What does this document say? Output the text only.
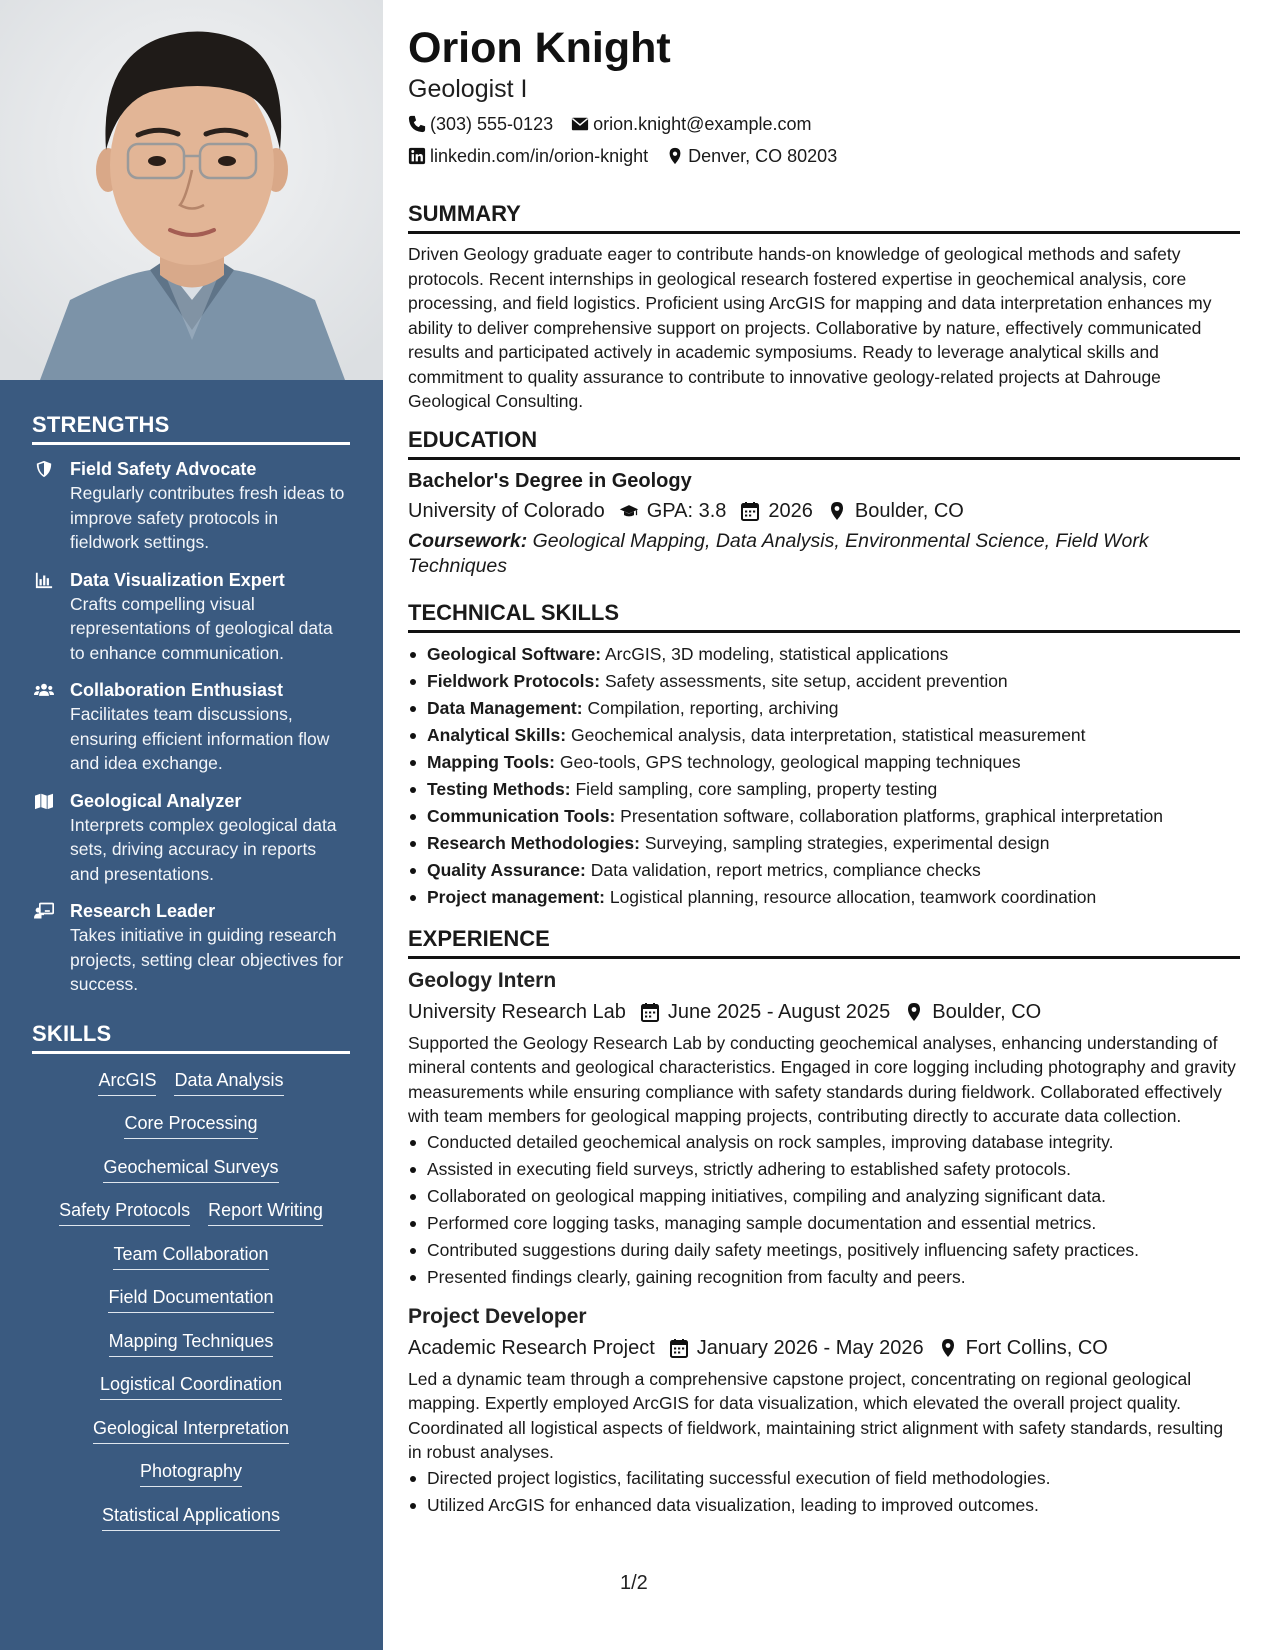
STRENGTHS
Field Safety Advocate
Regularly contributes fresh ideas to improve safety protocols in fieldwork settings.
Data Visualization Expert
Crafts compelling visual representations of geological data to enhance communication.
Collaboration Enthusiast
Facilitates team discussions, ensuring efficient information flow and idea exchange.
Geological Analyzer
Interprets complex geological data sets, driving accuracy in reports and presentations.
Research Leader
Takes initiative in guiding research projects, setting clear objectives for success.
SKILLS
ArcGIS Data Analysis
Core Processing
Geochemical Surveys
Safety Protocols Report Writing
Team Collaboration
Field Documentation
Mapping Techniques
Logistical Coordination
Geological Interpretation
Photography
Statistical Applications
Orion Knight
Geologist I
(303) 555-0123 orion.knight@example.com
linkedin.com/in/orion-knight Denver, CO 80203
SUMMARY
Driven Geology graduate eager to contribute hands-on knowledge of geological methods and safety protocols. Recent internships in geological research fostered expertise in geochemical analysis, core processing, and field logistics. Proficient using ArcGIS for mapping and data interpretation enhances my ability to deliver comprehensive support on projects. Collaborative by nature, effectively communicated results and participated actively in academic symposiums. Ready to leverage analytical skills and commitment to quality assurance to contribute to innovative geology-related projects at Dahrouge Geological Consulting.
EDUCATION
Bachelor's Degree in Geology
University of Colorado GPA: 3.8 2026 Boulder, CO
Coursework: Geological Mapping, Data Analysis, Environmental Science, Field Work Techniques
TECHNICAL SKILLS
Geological Software: ArcGIS, 3D modeling, statistical applications
Fieldwork Protocols: Safety assessments, site setup, accident prevention
Data Management: Compilation, reporting, archiving
Analytical Skills: Geochemical analysis, data interpretation, statistical measurement
Mapping Tools: Geo-tools, GPS technology, geological mapping techniques
Testing Methods: Field sampling, core sampling, property testing
Communication Tools: Presentation software, collaboration platforms, graphical interpretation
Research Methodologies: Surveying, sampling strategies, experimental design
Quality Assurance: Data validation, report metrics, compliance checks
Project management: Logistical planning, resource allocation, teamwork coordination
EXPERIENCE
Geology Intern
University Research Lab June 2025 - August 2025 Boulder, CO
Supported the Geology Research Lab by conducting geochemical analyses, enhancing understanding of mineral contents and geological characteristics. Engaged in core logging including photography and gravity measurements while ensuring compliance with safety standards during fieldwork. Collaborated effectively with team members for geological mapping projects, contributing directly to accurate data collection.
Conducted detailed geochemical analysis on rock samples, improving database integrity.
Assisted in executing field surveys, strictly adhering to established safety protocols.
Collaborated on geological mapping initiatives, compiling and analyzing significant data.
Performed core logging tasks, managing sample documentation and essential metrics.
Contributed suggestions during daily safety meetings, positively influencing safety practices.
Presented findings clearly, gaining recognition from faculty and peers.
Project Developer
Academic Research Project January 2026 - May 2026 Fort Collins, CO
Led a dynamic team through a comprehensive capstone project, concentrating on regional geological mapping. Expertly employed ArcGIS for data visualization, which elevated the overall project quality. Coordinated all logistical aspects of fieldwork, maintaining strict alignment with safety standards, resulting in robust analyses.
Directed project logistics, facilitating successful execution of field methodologies.
Utilized ArcGIS for enhanced data visualization, leading to improved outcomes.
1/2
